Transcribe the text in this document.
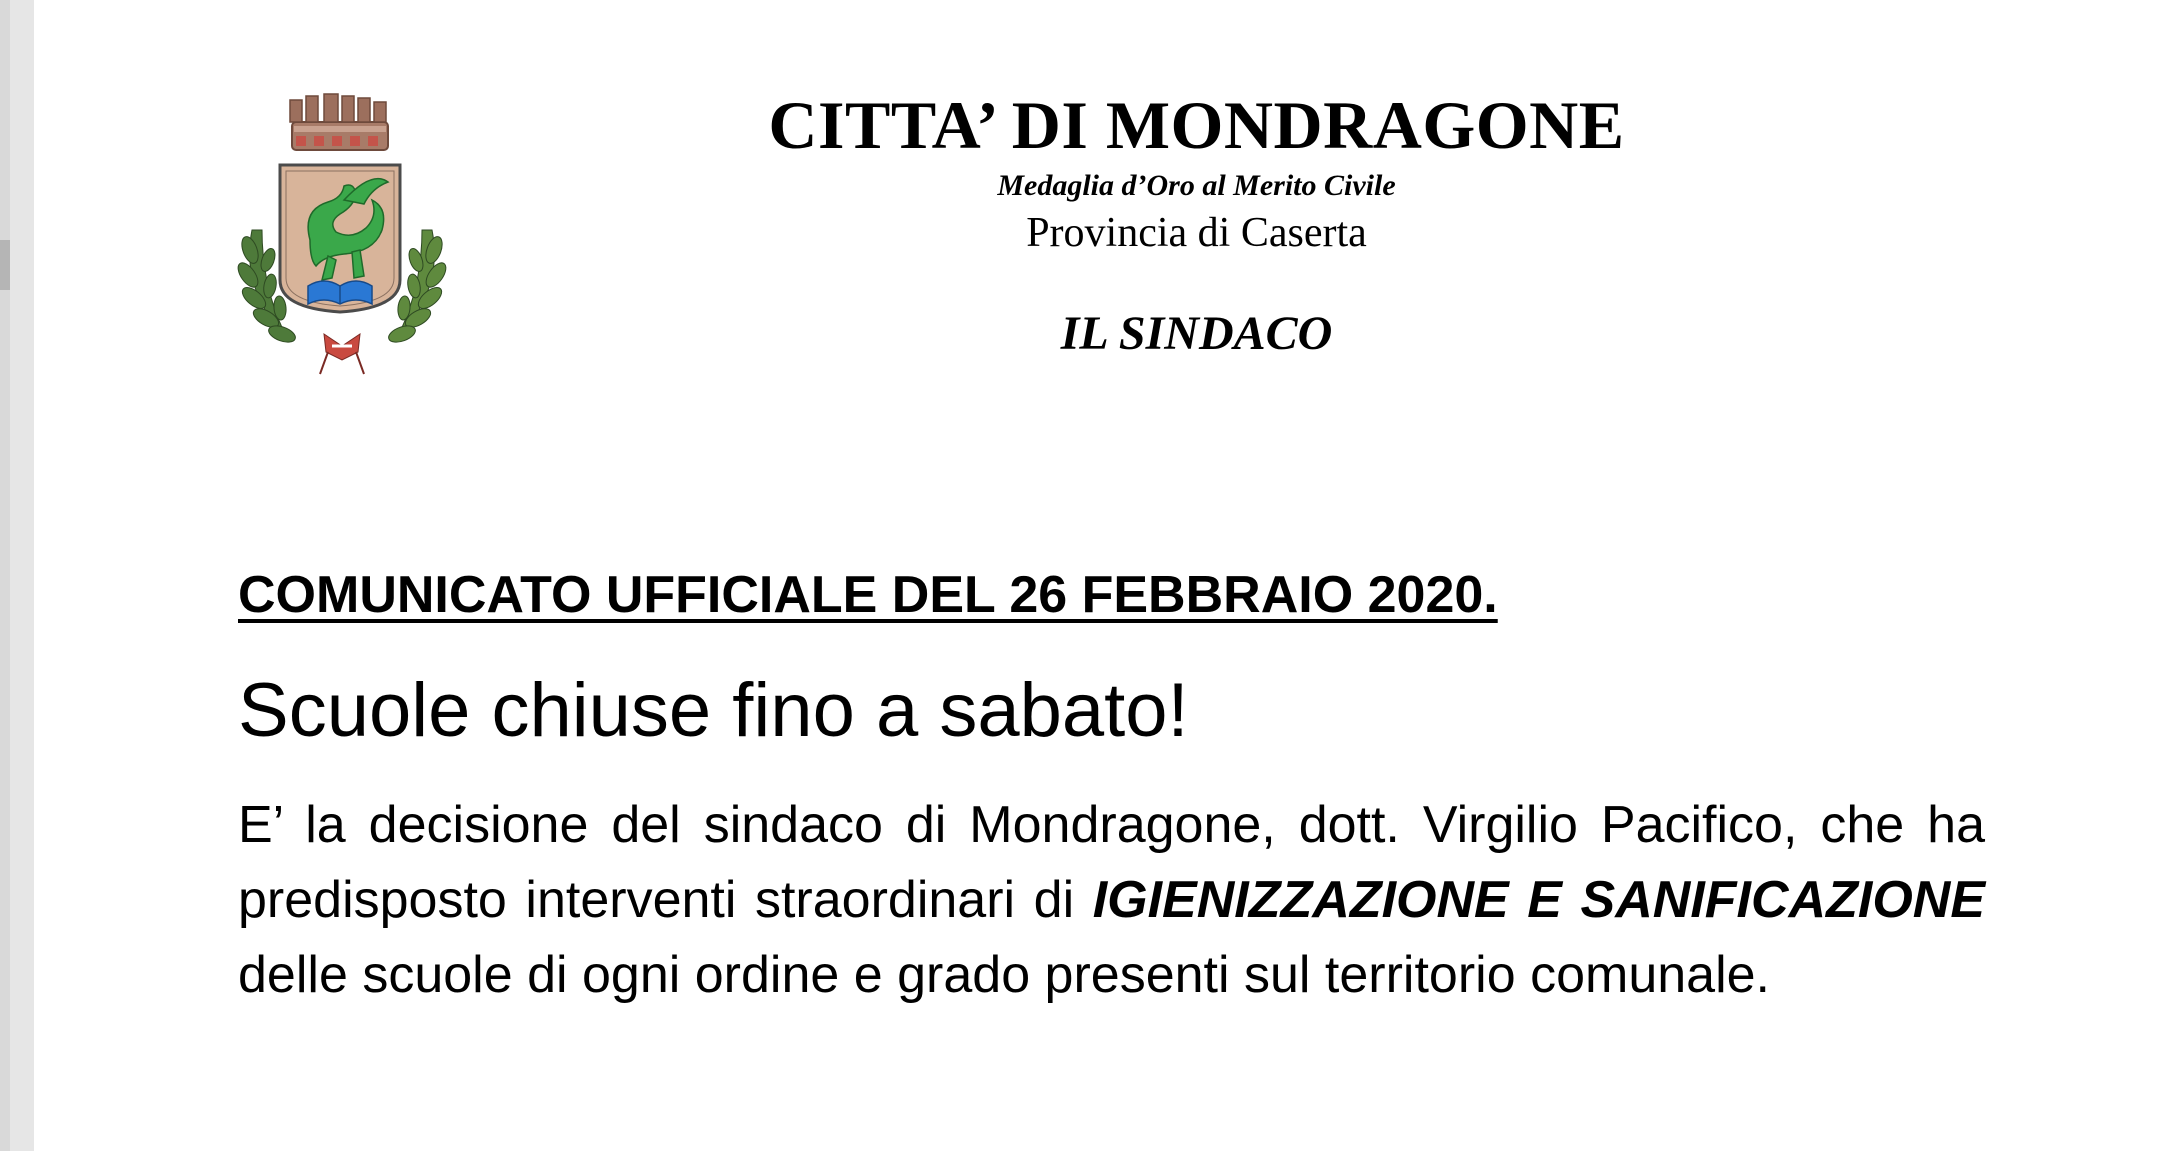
CITTA’ DI MONDRAGONE
Medaglia d’Oro al Merito Civile
Provincia di Caserta
IL SINDACO
COMUNICATO UFFICIALE DEL 26 FEBBRAIO 2020.
Scuole chiuse fino a sabato!

E’ la decisione del sindaco di Mondragone, dott. Virgilio Pacifico, che ha predisposto interventi straordinari di IGIENIZZAZIONE E SANIFICAZIONE delle scuole di ogni ordine e grado presenti sul territorio comunale.
